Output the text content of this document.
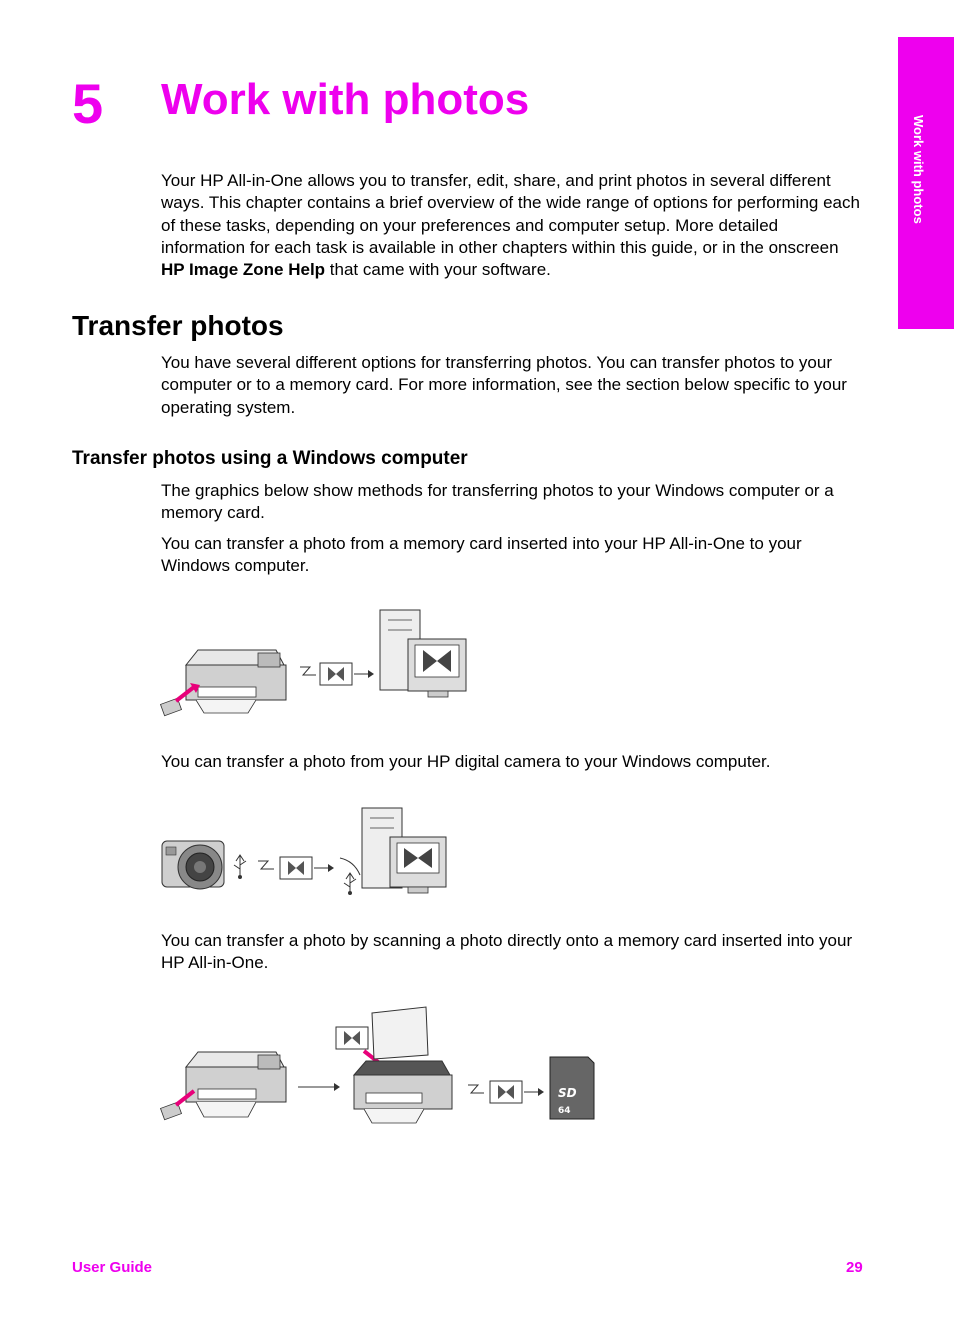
Work with photos
5 Work with photos

Your HP All-in-One allows you to transfer, edit, share, and print photos in several different ways. This chapter contains a brief overview of the wide range of options for performing each of these tasks, depending on your preferences and computer setup. More detailed information for each task is available in other chapters within this guide, or in the onscreen HP Image Zone Help that came with your software.

Transfer photos

You have several different options for transferring photos. You can transfer photos to your computer or to a memory card. For more information, see the section below specific to your operating system.

Transfer photos using a Windows computer

The graphics below show methods for transferring photos to your Windows computer or a memory card.

You can transfer a photo from a memory card inserted into your HP All-in-One to your Windows computer.

You can transfer a photo from your HP digital camera to your Windows computer.

You can transfer a photo by scanning a photo directly onto a memory card inserted into your HP All-in-One.

SD
64
User Guide	29
